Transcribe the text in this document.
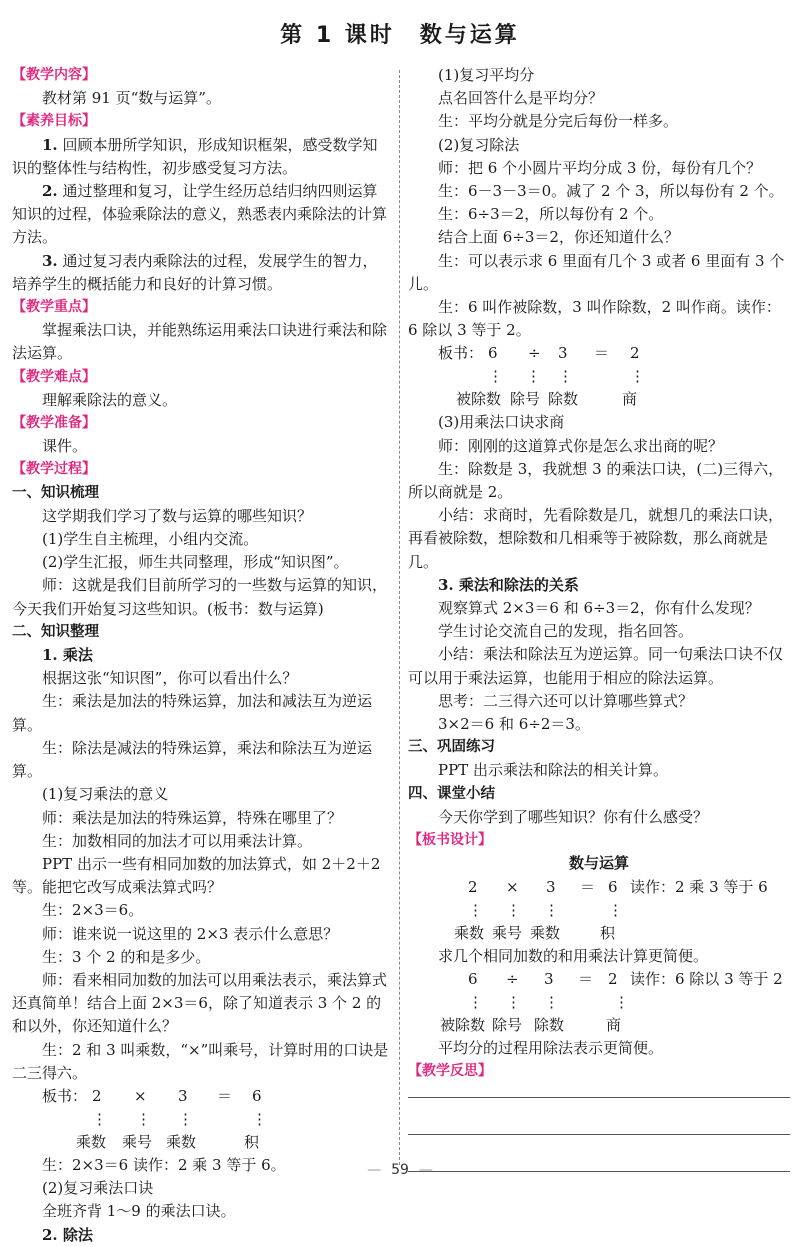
第 1 课时　数与运算

【教学内容】

教材第 91 页“数与运算”。

【素养目标】

1. 回顾本册所学知识，形成知识框架，感受数学知识的整体性与结构性，初步感受复习方法。

2. 通过整理和复习，让学生经历总结归纳四则运算知识的过程，体验乘除法的意义，熟悉表内乘除法的计算方法。

3. 通过复习表内乘除法的过程，发展学生的智力，培养学生的概括能力和良好的计算习惯。

【教学重点】

掌握乘法口诀，并能熟练运用乘法口诀进行乘法和除法运算。

【教学难点】

理解乘除法的意义。

【教学准备】

课件。

【教学过程】

一、知识梳理

这学期我们学习了数与运算的哪些知识？

(1)学生自主梳理，小组内交流。

(2)学生汇报，师生共同整理，形成“知识图”。

师：这就是我们目前所学习的一些数与运算的知识，今天我们开始复习这些知识。(板书：数与运算)

二、知识整理

1. 乘法

根据这张“知识图”，你可以看出什么？

生：乘法是加法的特殊运算，加法和减法互为逆运算。

生：除法是减法的特殊运算，乘法和除法互为逆运算。

(1)复习乘法的意义

师：乘法是加法的特殊运算，特殊在哪里了？

生：加数相同的加法才可以用乘法计算。

PPT 出示一些有相同加数的加法算式，如 2＋2＋2 等。能把它改写成乘法算式吗？

生：2×3＝6。

师：谁来说一说这里的 2×3 表示什么意思？

生：3 个 2 的和是多少。

师：看来相同加数的加法可以用乘法表示，乘法算式还真简单！结合上面 2×3＝6，除了知道表示 3 个 2 的和以外，你还知道什么？

生：2 和 3 叫乘数，“×”叫乘号，计算时用的口诀是二三得六。

板书： 2 × 3 ＝ 6
⋮ ⋮ ⋮	⋮
乘数 乘号 乘数	积

生：2×3＝6 读作：2 乘 3 等于 6。

(2)复习乘法口诀

全班齐背 1～9 的乘法口诀。

2. 除法

(1)复习平均分

点名回答什么是平均分？

生：平均分就是分完后每份一样多。

(2)复习除法

师：把 6 个小圆片平均分成 3 份，每份有几个？

生：6－3－3＝0。减了 2 个 3，所以每份有 2 个。

生：6÷3＝2，所以每份有 2 个。

结合上面 6÷3＝2，你还知道什么？

生：可以表示求 6 里面有几个 3 或者 6 里面有 3 个儿。

生：6 叫作被除数，3 叫作除数，2 叫作商。读作：6 除以 3 等于 2。

板书： 6 ÷ 3 ＝ 2
⋮ ⋮ ⋮	⋮
被除数 除号 除数	商

(3)用乘法口诀求商

师：刚刚的这道算式你是怎么求出商的呢？

生：除数是 3，我就想 3 的乘法口诀，(二)三得六，所以商就是 2。

小结：求商时，先看除数是几，就想几的乘法口诀，再看被除数，想除数和几相乘等于被除数，那么商就是几。

3. 乘法和除法的关系

观察算式 2×3＝6 和 6÷3＝2，你有什么发现？

学生讨论交流自己的发现，指名回答。

小结：乘法和除法互为逆运算。同一句乘法口诀不仅可以用于乘法运算，也能用于相应的除法运算。

思考：二三得六还可以计算哪些算式？

3×2＝6 和 6÷2＝3。

三、巩固练习

PPT 出示乘法和除法的相关计算。

四、课堂小结

今天你学到了哪些知识？你有什么感受？

【板书设计】

数与运算

2 × 3 ＝ 6 读作：2 乘 3 等于 6
⋮ ⋮ ⋮	⋮
乘数 乘号 乘数	积

求几个相同加数的和用乘法计算更简便。

6 ÷ 3 ＝ 2 读作：6 除以 3 等于 2
⋮ ⋮ ⋮	⋮
被除数 除号 除数	商

平均分的过程用除法表示更简便。

【教学反思】

— 59 —
